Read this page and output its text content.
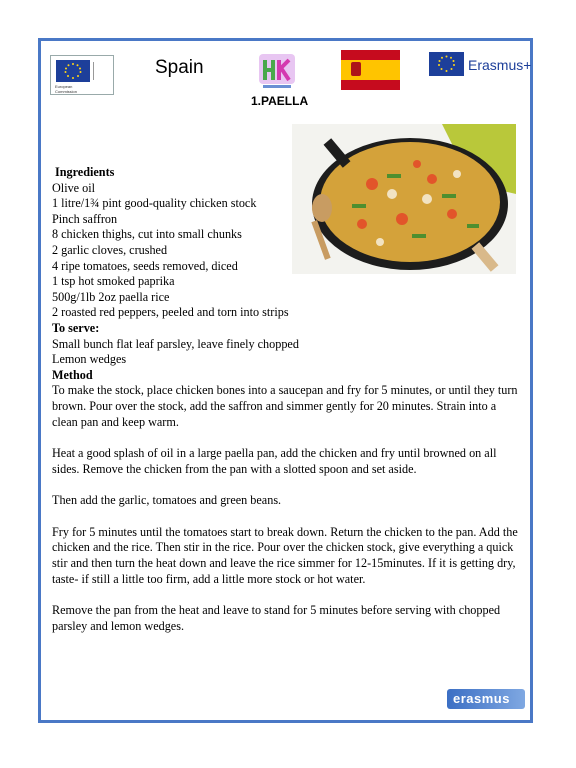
European
Commission
Spain	Erasmus+
1.PAELLA
Ingredients
Olive oil
1 litre/1¾ pint good-quality chicken stock
Pinch saffron
8 chicken thighs, cut into small chunks
2 garlic cloves, crushed
4 ripe tomatoes, seeds removed, diced
1 tsp hot smoked paprika
500g/1lb 2oz paella rice
2 roasted red peppers, peeled and torn into strips
To serve:
Small bunch flat leaf parsley, leave finely chopped
Lemon wedges
Method

To make the stock, place chicken bones into a saucepan and fry for 5 minutes, or until they turn brown. Pour over the stock, add the saffron and simmer gently for 20 minutes. Strain into a clean pan and keep warm.

Heat a good splash of oil in a large paella pan, add the chicken and fry until browned on all sides. Remove the chicken from the pan with a slotted spoon and set aside.

Then add the garlic, tomatoes and green beans.

Fry for 5 minutes until the tomatoes start to break down. Return the chicken to the pan. Add the chicken and the rice. Then stir in the rice. Pour over the chicken stock, give everything a quick stir and then turn the heat down and leave the rice simmer for 12-15minutes. If it is getting dry, taste- if still a little too firm, add a little more stock or hot water.

Remove the pan from the heat and leave to stand for 5 minutes before serving with chopped parsley and lemon wedges.

erasmus
